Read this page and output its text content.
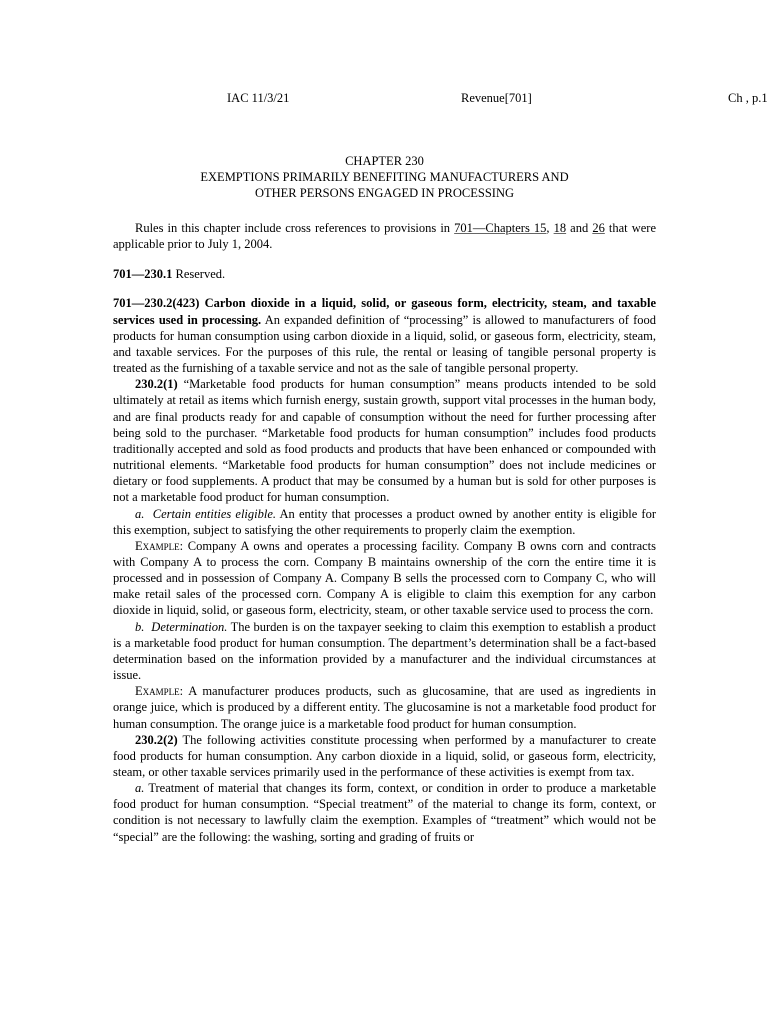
IAC 11/3/21	Revenue[701]	Ch , p.1
CHAPTER 230
EXEMPTIONS PRIMARILY BENEFITING MANUFACTURERS AND
OTHER PERSONS ENGAGED IN PROCESSING

Rules in this chapter include cross references to provisions in 701—Chapters 15, 18 and 26 that were applicable prior to July 1, 2004.

701—230.1 Reserved.

701—230.2(423) Carbon dioxide in a liquid, solid, or gaseous form, electricity, steam, and taxable services used in processing. An expanded definition of “processing” is allowed to manufacturers of food products for human consumption using carbon dioxide in a liquid, solid, or gaseous form, electricity, steam, and taxable services. For the purposes of this rule, the rental or leasing of tangible personal property is treated as the furnishing of a taxable service and not as the sale of tangible personal property.

230.2(1) “Marketable food products for human consumption” means products intended to be sold ultimately at retail as items which furnish energy, sustain growth, support vital processes in the human body, and are final products ready for and capable of consumption without the need for further processing after being sold to the purchaser. “Marketable food products for human consumption” includes food products traditionally accepted and sold as food products and products that have been enhanced or compounded with nutritional elements. “Marketable food products for human consumption” does not include medicines or dietary or food supplements. A product that may be consumed by a human but is sold for other purposes is not a marketable food product for human consumption.

a. Certain entities eligible. An entity that processes a product owned by another entity is eligible for this exemption, subject to satisfying the other requirements to properly claim the exemption.

Example: Company A owns and operates a processing facility. Company B owns corn and contracts with Company A to process the corn. Company B maintains ownership of the corn the entire time it is processed and in possession of Company A. Company B sells the processed corn to Company C, who will make retail sales of the processed corn. Company A is eligible to claim this exemption for any carbon dioxide in liquid, solid, or gaseous form, electricity, steam, or other taxable service used to process the corn.

b. Determination. The burden is on the taxpayer seeking to claim this exemption to establish a product is a marketable food product for human consumption. The department’s determination shall be a fact-based determination based on the information provided by a manufacturer and the individual circumstances at issue.

Example: A manufacturer produces products, such as glucosamine, that are used as ingredients in orange juice, which is produced by a different entity. The glucosamine is not a marketable food product for human consumption. The orange juice is a marketable food product for human consumption.

230.2(2) The following activities constitute processing when performed by a manufacturer to create food products for human consumption. Any carbon dioxide in a liquid, solid, or gaseous form, electricity, steam, or other taxable services primarily used in the performance of these activities is exempt from tax.

a. Treatment of material that changes its form, context, or condition in order to produce a marketable food product for human consumption. “Special treatment” of the material to change its form, context, or condition is not necessary to lawfully claim the exemption. Examples of “treatment” which would not be “special” are the following: the washing, sorting and grading of fruits or
